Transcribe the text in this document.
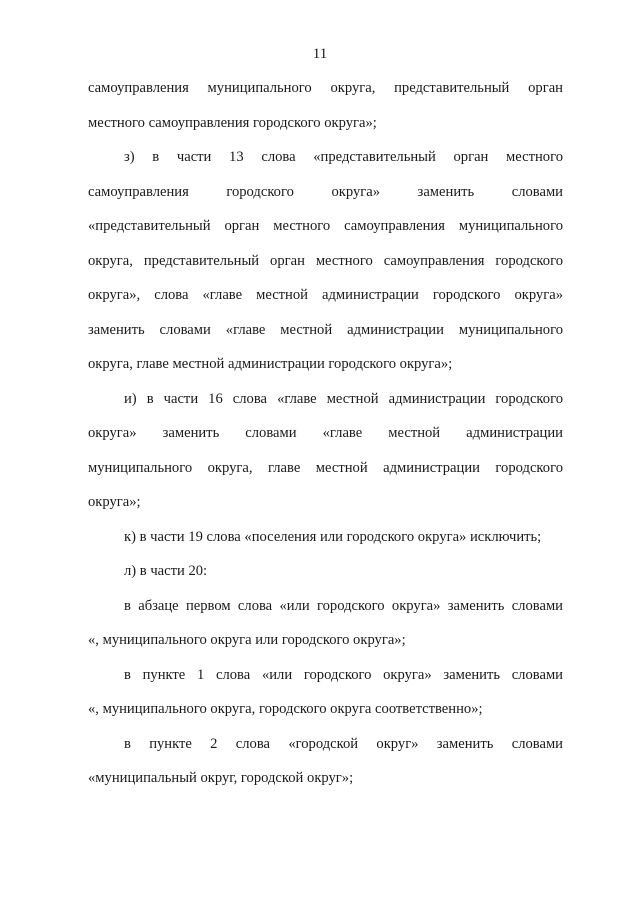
11
самоуправления муниципального округа, представительный орган
местного самоуправления городского округа»;
з) в части 13 слова «представительный орган местного
самоуправления городского округа» заменить словами
«представительный орган местного самоуправления муниципального
округа, представительный орган местного самоуправления городского
округа», слова «главе местной администрации городского округа»
заменить словами «главе местной администрации муниципального
округа, главе местной администрации городского округа»;
и) в части 16 слова «главе местной администрации городского
округа» заменить словами «главе местной администрации
муниципального округа, главе местной администрации городского
округа»;
к) в части 19 слова «поселения или городского округа» исключить;
л) в части 20:
в абзаце первом слова «или городского округа» заменить словами
«, муниципального округа или городского округа»;
в пункте 1 слова «или городского округа» заменить словами
«, муниципального округа, городского округа соответственно»;
в пункте 2 слова «городской округ» заменить словами
«муниципальный округ, городской округ»;
